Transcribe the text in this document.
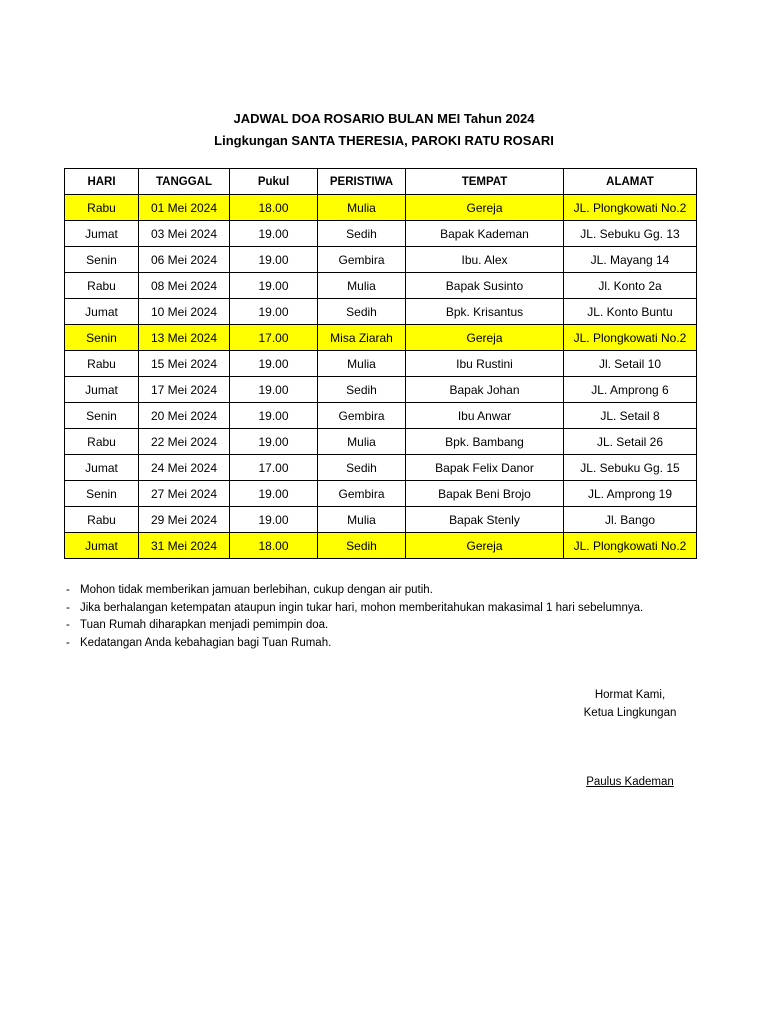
JADWAL DOA ROSARIO BULAN MEI Tahun 2024
Lingkungan SANTA THERESIA, PAROKI RATU ROSARI
HARI	TANGGAL	Pukul	PERISTIWA	TEMPAT	ALAMAT
Rabu	01 Mei 2024	18.00	Mulia	Gereja	JL. Plongkowati No.2
Jumat	03 Mei 2024	19.00	Sedih	Bapak Kademan	JL. Sebuku Gg. 13
Senin	06 Mei 2024	19.00	Gembira	Ibu. Alex	JL. Mayang 14
Rabu	08 Mei 2024	19.00	Mulia	Bapak Susinto	Jl. Konto 2a
Jumat	10 Mei 2024	19.00	Sedih	Bpk. Krisantus	JL. Konto Buntu
Senin	13 Mei 2024	17.00	Misa Ziarah	Gereja	JL. Plongkowati No.2
Rabu	15 Mei 2024	19.00	Mulia	Ibu Rustini	Jl. Setail 10
Jumat	17 Mei 2024	19.00	Sedih	Bapak Johan	JL. Amprong 6
Senin	20 Mei 2024	19.00	Gembira	Ibu Anwar	JL. Setail 8
Rabu	22 Mei 2024	19.00	Mulia	Bpk. Bambang	JL. Setail 26
Jumat	24 Mei 2024	17.00	Sedih	Bapak Felix Danor	JL. Sebuku Gg. 15
Senin	27 Mei 2024	19.00	Gembira	Bapak Beni Brojo	JL. Amprong 19
Rabu	29 Mei 2024	19.00	Mulia	Bapak Stenly	Jl. Bango
Jumat	31 Mei 2024	18.00	Sedih	Gereja	JL. Plongkowati No.2
- Mohon tidak memberikan jamuan berlebihan, cukup dengan air putih.
- Jika berhalangan ketempatan ataupun ingin tukar hari, mohon memberitahukan makasimal 1 hari sebelumnya.
- Tuan Rumah diharapkan menjadi pemimpin doa.
- Kedatangan Anda kebahagian bagi Tuan Rumah.
Hormat Kami,
Ketua Lingkungan
Paulus Kademan
